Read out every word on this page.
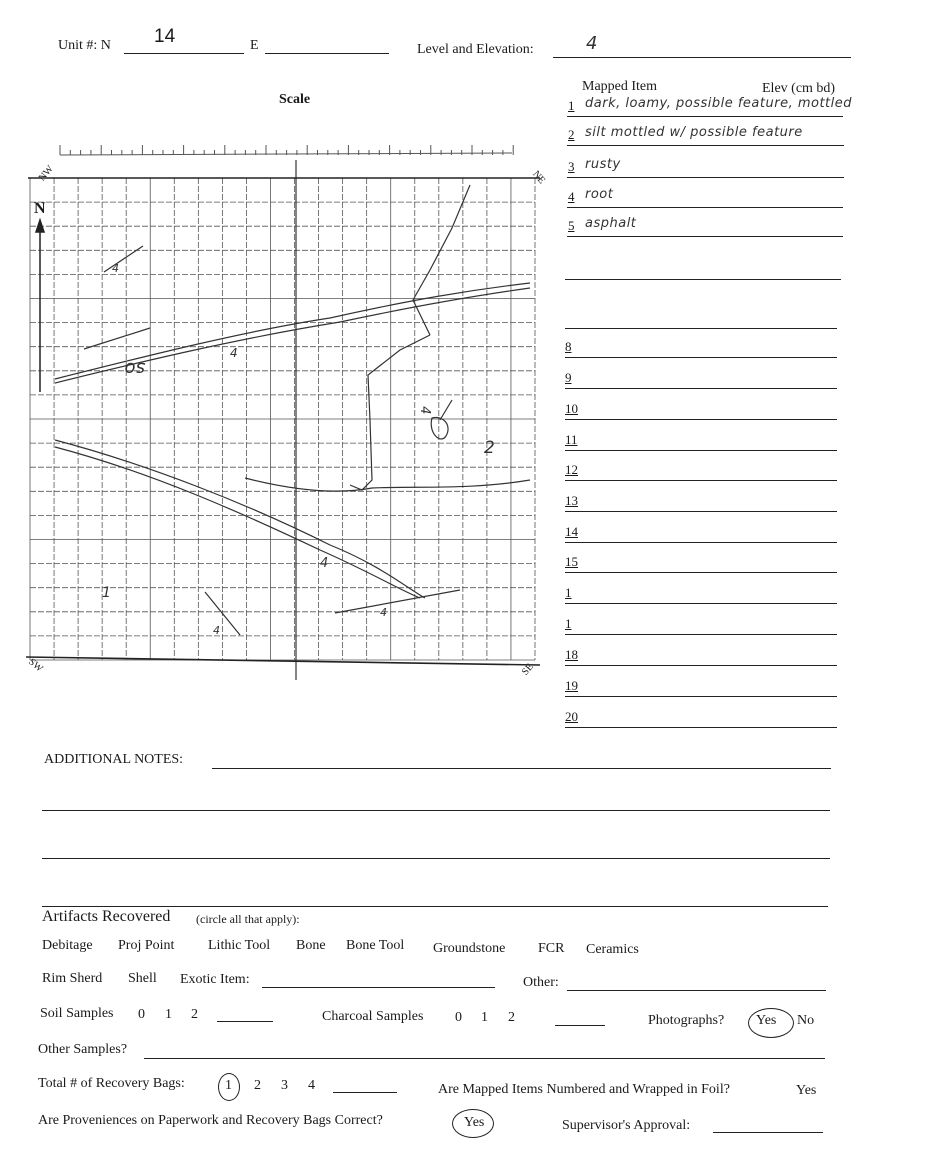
Unit #: N 14	E	Level and Elevation:	4
Scale
NW	NE
SW	SE
N
4
so
4
4
2
4
1
4
4
Mapped Item	Elev (cm bd)
1 dark, loamy, possible feature, mottled
2 silt mottled w/ possible feature
3 rusty
4 root
5 asphalt
8
9
10
11
12
13
14
15
1
1
18
19
20
ADDITIONAL NOTES:
Artifacts Recovered (circle all that apply):
Debitage Proj Point Lithic Tool Bone Bone Tool Groundstone FCR Ceramics
Rim Sherd Shell Exotic Item:	Other:
Soil Samples 0 1 2	Charcoal Samples 0 1 2	Photographs? Yes No
Other Samples?
Total # of Recovery Bags:	1 2 3 4	Are Mapped Items Numbered and Wrapped in Foil?	Yes
Are Proveniences on Paperwork and Recovery Bags Correct?	Yes	Supervisor's Approval:
